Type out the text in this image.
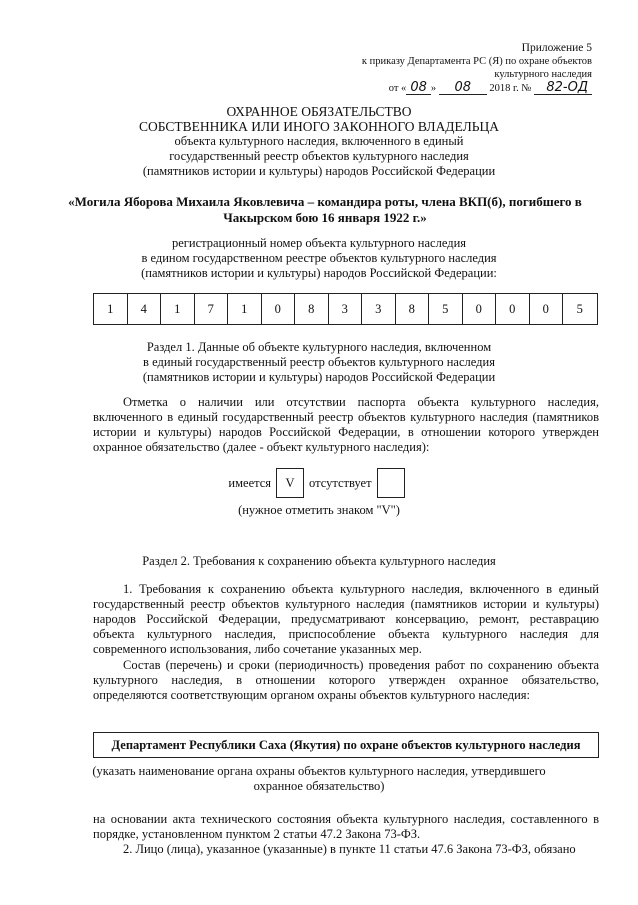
Приложение 5
к приказу Департамента РС (Я) по охране объектов
культурного наследия
от « 08 » 08 2018 г. № 82-ОД
ОХРАННОЕ ОБЯЗАТЕЛЬСТВО
СОБСТВЕННИКА ИЛИ ИНОГО ЗАКОННОГО ВЛАДЕЛЬЦА
объекта культурного наследия, включенного в единый
государственный реестр объектов культурного наследия
(памятников истории и культуры) народов Российской Федерации
«Могила Яборова Михаила Яковлевича – командира роты, члена ВКП(б), погибшего в Чакырском бою 16 января 1922 г.»
регистрационный номер объекта культурного наследия
в едином государственном реестре объектов культурного наследия
(памятников истории и культуры) народов Российской Федерации:
1	4	1	7	1	0	8	3	3	8	5	0	0	0	5
Раздел 1. Данные об объекте культурного наследия, включенном
в единый государственный реестр объектов культурного наследия
(памятников истории и культуры) народов Российской Федерации

Отметка о наличии или отсутствии паспорта объекта культурного наследия, включенного в единый государственный реестр объектов культурного наследия (памятников истории и культуры) народов Российской Федерации, в отношении которого утвержден охранное обязательство (далее - объект культурного наследия):

имеется	V	отсутствует
(нужное отметить знаком "V")
Раздел 2. Требования к сохранению объекта культурного наследия

1. Требования к сохранению объекта культурного наследия, включенного в единый государственный реестр объектов культурного наследия (памятников истории и культуры) народов Российской Федерации, предусматривают консервацию, ремонт, реставрацию объекта культурного наследия, приспособление объекта культурного наследия для современного использования, либо сочетание указанных мер.

Состав (перечень) и сроки (периодичность) проведения работ по сохранению объекта культурного наследия, в отношении которого утвержден охранное обязательство, определяются соответствующим органом охраны объектов культурного наследия:

Департамент Республики Саха (Якутия) по охране объектов культурного наследия
(указать наименование органа охраны объектов культурного наследия, утвердившего
охранное обязательство)

на основании акта технического состояния объекта культурного наследия, составленного в порядке, установленном пунктом 2 статьи 47.2 Закона 73-ФЗ.

2. Лицо (лица), указанное (указанные) в пункте 11 статьи 47.6 Закона 73-ФЗ, обязано
